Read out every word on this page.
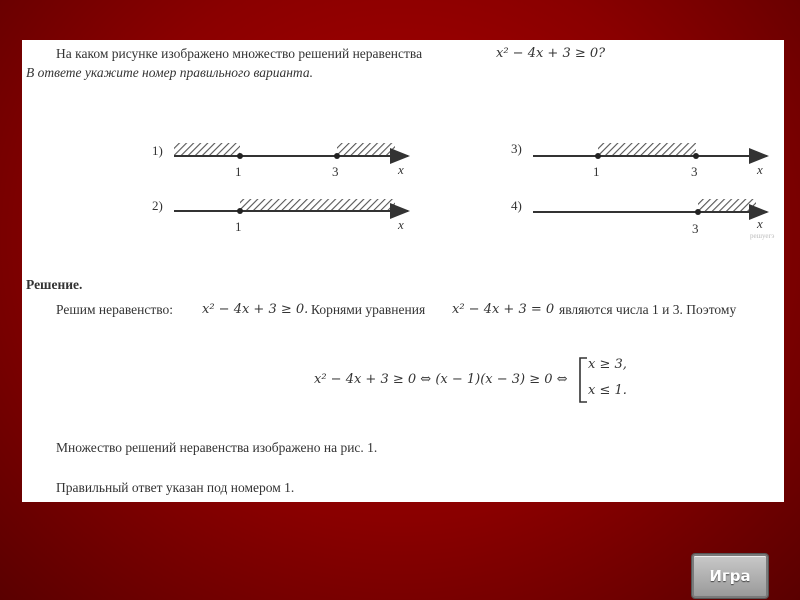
На каком рисунке изображено множество решений неравенства	x² − 4x + 3 ≥ 0?
В ответе укажите номер правильного варианта.
1)
1	3	x
2)
1	x
3)
1	3	x
4)
3	x
решуегэ
Решение.
Решим неравенство: x² − 4x + 3 ≥ 0. Корнями уравнения x² − 4x + 3 = 0 являются числа 1 и 3. Поэтому
x² − 4x + 3 ≥ 0 ⇔ (x − 1)(x − 3) ≥ 0 ⇔
x ≥ 3,
x ≤ 1.
Множество решений неравенства изображено на рис. 1.
Правильный ответ указан под номером 1.
Игра
